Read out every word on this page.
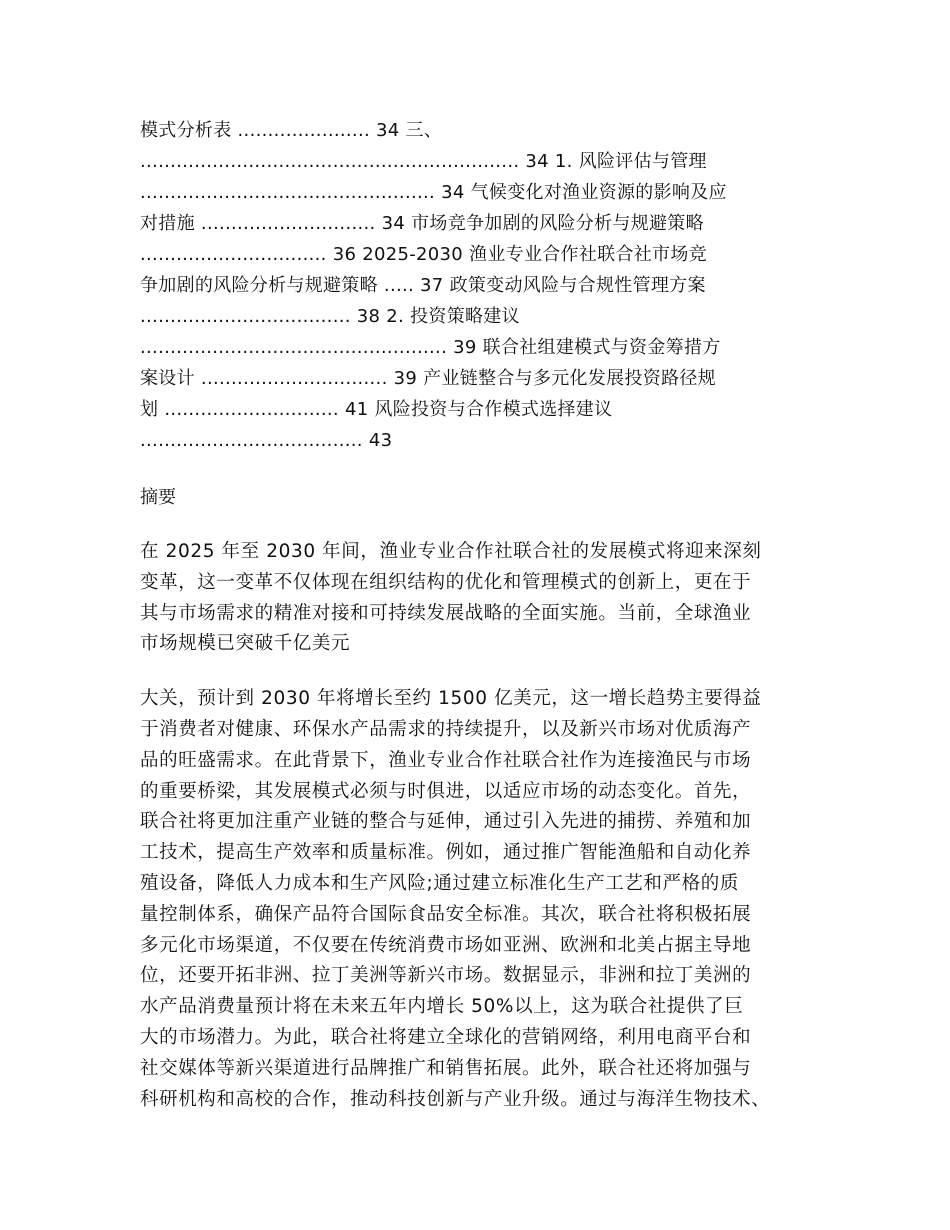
模式分析表 ...................... 34 三、
............................................................... 34 1. 风险评估与管理
................................................. 34 气候变化对渔业资源的影响及应
对措施 ............................. 34 市场竞争加剧的风险分析与规避策略
............................... 36 2025-2030 渔业专业合作社联合社市场竞
争加剧的风险分析与规避策略 ..... 37 政策变动风险与合规性管理方案
................................... 38 2. 投资策略建议
................................................... 39 联合社组建模式与资金筹措方
案设计 ............................... 39 产业链整合与多元化发展投资路径规
划 ............................. 41 风险投资与合作模式选择建议
..................................... 43
摘要
在 2025 年至 2030 年间，渔业专业合作社联合社的发展模式将迎来深刻
变革，这一变革不仅体现在组织结构的优化和管理模式的创新上，更在于
其与市场需求的精准对接和可持续发展战略的全面实施。当前，全球渔业
市场规模已突破千亿美元
大关，预计到 2030 年将增长至约 1500 亿美元，这一增长趋势主要得益
于消费者对健康、环保水产品需求的持续提升，以及新兴市场对优质海产
品的旺盛需求。在此背景下，渔业专业合作社联合社作为连接渔民与市场
的重要桥梁，其发展模式必须与时俱进，以适应市场的动态变化。首先，
联合社将更加注重产业链的整合与延伸，通过引入先进的捕捞、养殖和加
工技术，提高生产效率和质量标准。例如，通过推广智能渔船和自动化养
殖设备，降低人力成本和生产风险;通过建立标准化生产工艺和严格的质
量控制体系，确保产品符合国际食品安全标准。其次，联合社将积极拓展
多元化市场渠道，不仅要在传统消费市场如亚洲、欧洲和北美占据主导地
位，还要开拓非洲、拉丁美洲等新兴市场。数据显示，非洲和拉丁美洲的
水产品消费量预计将在未来五年内增长 50%以上，这为联合社提供了巨
大的市场潜力。为此，联合社将建立全球化的营销网络，利用电商平台和
社交媒体等新兴渠道进行品牌推广和销售拓展。此外，联合社还将加强与
科研机构和高校的合作，推动科技创新与产业升级。通过与海洋生物技术、
